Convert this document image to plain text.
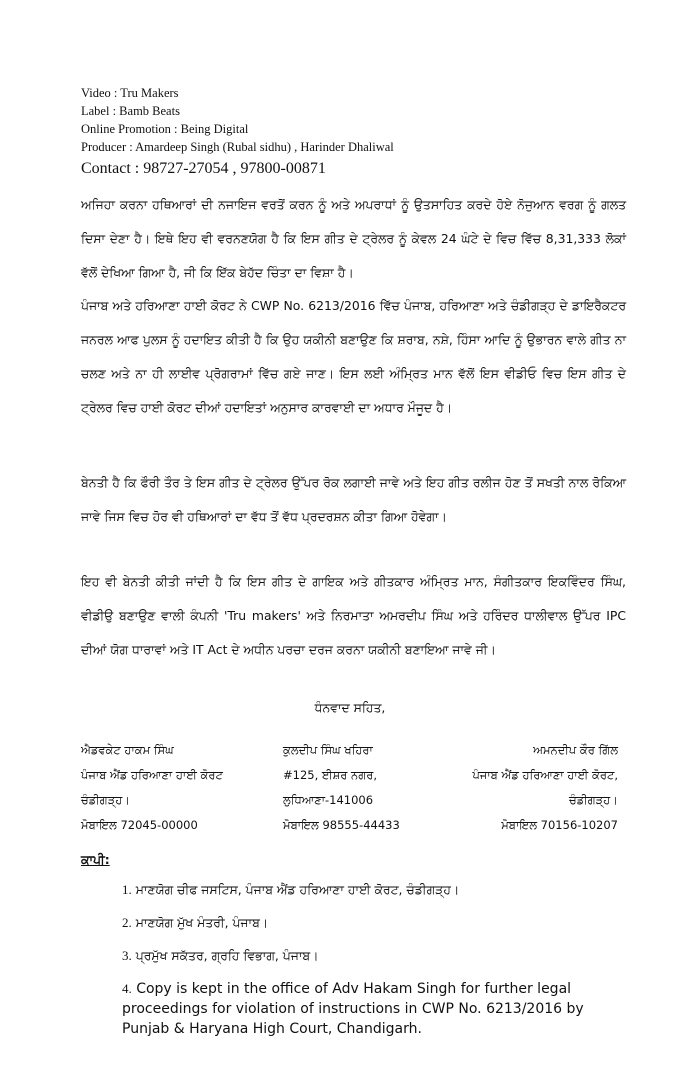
Video : Tru Makers
Label : Bamb Beats
Online Promotion : Being Digital
Producer : Amardeep Singh (Rubal sidhu) , Harinder Dhaliwal
Contact : 98727-27054 , 97800-00871

ਅਜਿਹਾ ਕਰਨਾ ਹਥਿਆਰਾਂ ਦੀ ਨਜਾਇਜ ਵਰਤੋਂ ਕਰਨ ਨੂੰ ਅਤੇ ਅਪਰਾਧਾਂ ਨੂੰ ਉਤਸਾਹਿਤ ਕਰਦੇ ਹੋਏ ਨੋਜੁਆਨ ਵਰਗ ਨੂੰ ਗਲਤ ਦਿਸਾ ਦੇਣਾ ਹੈ। ਇਥੇ ਇਹ ਵੀ ਵਰਨਣਯੋਗ ਹੈ ਕਿ ਇਸ ਗੀਤ ਦੇ ਟ੍ਰੇਲਰ ਨੂੰ ਕੇਵਲ 24 ਘੰਟੇ ਦੇ ਵਿਚ ਵਿੱਚ 8,31,333 ਲੋਕਾਂ ਵੱਲੋਂ ਦੇਖਿਆ ਗਿਆ ਹੈ, ਜੀ ਕਿ ਇੱਕ ਬੇਹੱਦ ਚਿੰਤਾ ਦਾ ਵਿਸ਼ਾ ਹੈ।

ਪੰਜਾਬ ਅਤੇ ਹਰਿਆਣਾ ਹਾਈ ਕੋਰਟ ਨੇ CWP No. 6213/2016 ਵਿੱਚ ਪੰਜਾਬ, ਹਰਿਆਣਾ ਅਤੇ ਚੰਡੀਗੜ੍ਹ ਦੇ ਡਾਇਰੈਕਟਰ ਜਨਰਲ ਆਫ ਪੁਲਸ ਨੂੰ ਹਦਾਇਤ ਕੀਤੀ ਹੈ ਕਿ ਉਹ ਯਕੀਨੀ ਬਣਾਉਣ ਕਿ ਸ਼ਰਾਬ, ਨਸ਼ੇ, ਹਿੰਸਾ ਆਦਿ ਨੂੰ ਉਭਾਰਨ ਵਾਲੇ ਗੀਤ ਨਾ ਚਲਣ ਅਤੇ ਨਾ ਹੀ ਲਾਈਵ ਪ੍ਰੋਗਰਾਮਾਂ ਵਿੱਚ ਗਏ ਜਾਣ। ਇਸ ਲਈ ਅੰਮ੍ਰਿਤ ਮਾਨ ਵੱਲੋਂ ਇਸ ਵੀਡੀਓ ਵਿਚ ਇਸ ਗੀਤ ਦੇ ਟ੍ਰੇਲਰ ਵਿਚ ਹਾਈ ਕੋਰਟ ਦੀਆਂ ਹਦਾਇਤਾਂ ਅਨੁਸਾਰ ਕਾਰਵਾਈ ਦਾ ਅਧਾਰ ਮੌਜੂਦ ਹੈ।

ਬੇਨਤੀ ਹੈ ਕਿ ਫੌਰੀ ਤੌਰ ਤੇ ਇਸ ਗੀਤ ਦੇ ਟ੍ਰੇਲਰ ਉੱਪਰ ਰੋਕ ਲਗਾਈ ਜਾਵੇ ਅਤੇ ਇਹ ਗੀਤ ਰਲੀਜ ਹੋਣ ਤੋਂ ਸਖਤੀ ਨਾਲ ਰੋਕਿਆ ਜਾਵੇ ਜਿਸ ਵਿਚ ਹੋਰ ਵੀ ਹਥਿਆਰਾਂ ਦਾ ਵੱਧ ਤੋਂ ਵੱਧ ਪ੍ਰਦਰਸ਼ਨ ਕੀਤਾ ਗਿਆ ਹੋਵੇਗਾ।

ਇਹ ਵੀ ਬੇਨਤੀ ਕੀਤੀ ਜਾਂਦੀ ਹੈ ਕਿ ਇਸ ਗੀਤ ਦੇ ਗਾਇਕ ਅਤੇ ਗੀਤਕਾਰ ਅੰਮ੍ਰਿਤ ਮਾਨ, ਸੰਗੀਤਕਾਰ ਇਕਵਿੰਦਰ ਸਿੰਘ, ਵੀਡੀਉ ਬਣਾਉਣ ਵਾਲੀ ਕੰਪਨੀ 'Tru makers' ਅਤੇ ਨਿਰਮਾਤਾ ਅਮਰਦੀਪ ਸਿੰਘ ਅਤੇ ਹਰਿੰਦਰ ਧਾਲੀਵਾਲ ਉੱਪਰ IPC ਦੀਆਂ ਯੋਗ ਧਾਰਾਵਾਂ ਅਤੇ IT Act ਦੇ ਅਧੀਨ ਪਰਚਾ ਦਰਜ ਕਰਨਾ ਯਕੀਨੀ ਬਣਾਇਆ ਜਾਵੇ ਜੀ।

ਧੰਨਵਾਦ ਸਹਿਤ,
ਐਡਵਕੇਟ ਹਾਕਮ ਸਿੰਘ
ਪੰਜਾਬ ਐਂਡ ਹਰਿਆਣਾ ਹਾਈ ਕੋਰਟ
ਚੰਡੀਗੜ੍ਹ।
ਮੋਬਾਇਲ 72045-00000
ਕੁਲਦੀਪ ਸਿੰਘ ਖਹਿਰਾ
#125, ਈਸ਼ਰ ਨਗਰ,
ਲੁਧਿਆਣਾ-141006
ਮੋਬਾਇਲ 98555-44433
ਅਮਨਦੀਪ ਕੌਰ ਗਿੱਲ
ਪੰਜਾਬ ਐਂਡ ਹਰਿਆਣਾ ਹਾਈ ਕੋਰਟ,
ਚੰਡੀਗੜ੍ਹ।
ਮੋਬਾਇਲ 70156-10207
ਕਾਪੀ:
1. ਮਾਣਯੋਗ ਚੀਫ ਜਸਟਿਸ, ਪੰਜਾਬ ਐਂਡ ਹਰਿਆਣਾ ਹਾਈ ਕੋਰਟ, ਚੰਡੀਗੜ੍ਹ।
2. ਮਾਣਯੋਗ ਮੁੱਖ ਮੰਤਰੀ, ਪੰਜਾਬ।
3. ਪ੍ਰਮੁੱਖ ਸਕੱਤਰ, ਗ੍ਰਹਿ ਵਿਭਾਗ, ਪੰਜਾਬ।
4. Copy is kept in the office of Adv Hakam Singh for further legal proceedings for violation of instructions in CWP No. 6213/2016 by Punjab & Haryana High Court, Chandigarh.
